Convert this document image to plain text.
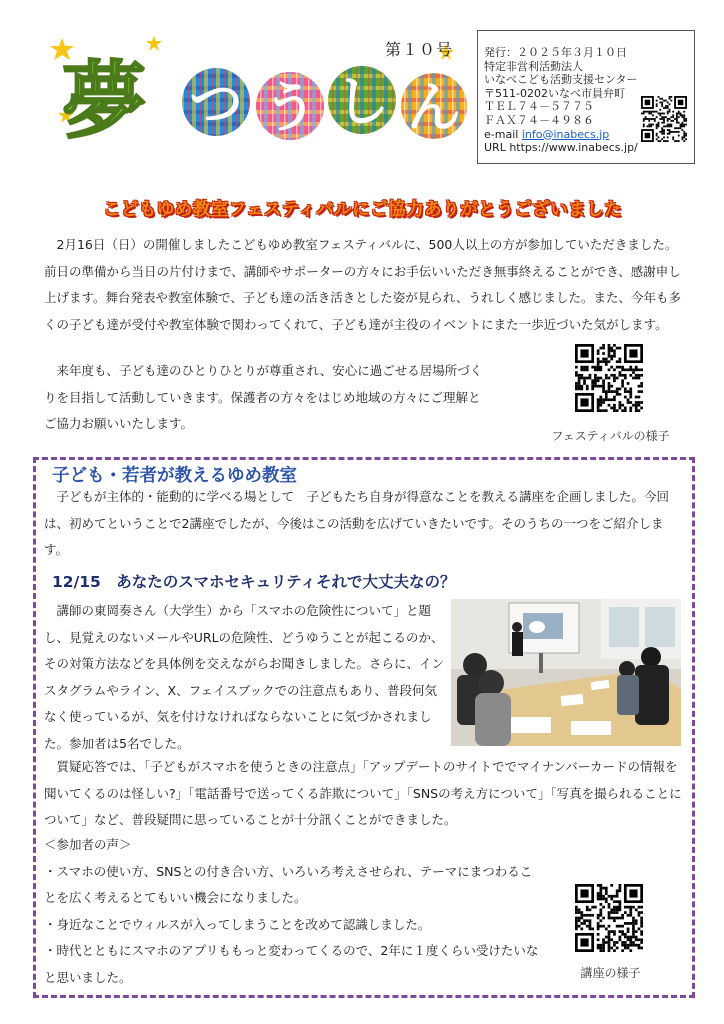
夢 つ う し ん
第１０号	発行：２０２５年３月１０日
特定非営利活動法人
いなべこども活動支援センター
〒511-0202いなべ市員弁町
ＴＥＬ７４－５７７５
ＦＡＸ７４－４９８６
e-mail info@inabecs.jp
URL https://www.inabecs.jp/
こどもゆめ教室フェスティバルにご協力ありがとうございました
　2月16日（日）の開催しましたこどもゆめ教室フェスティバルに、500人以上の方が参加していただきました。前日の準備から当日の片付けまで、講師やサポーターの方々にお手伝いいただき無事終えることができ、感謝申し上げます。舞台発表や教室体験で、子ども達の活き活きとした姿が見られ、うれしく感じました。また、今年も多くの子ども達が受付や教室体験で関わってくれて、子ども達が主役のイベントにまた一歩近づいた気がします。
　来年度も、子ども達のひとりひとりが尊重され、安心に過ごせる居場所づくりを目指して活動していきます。保護者の方々をはじめ地域の方々にご理解とご協力お願いいたします。
フェスティバルの様子
子ども・若者が教えるゆめ教室
　子どもが主体的・能動的に学べる場として　子どもたち自身が得意なことを教える講座を企画しました。今回は、初めてということで2講座でしたが、今後はこの活動を広げていきたいです。そのうちの一つをご紹介します。
12/15　あなたのスマホセキュリティそれで大丈夫なの？
　講師の東岡奏さん（大学生）から「スマホの危険性について」と題し、見覚えのないメールやURLの危険性、どうゆうことが起こるのか、その対策方法などを具体例を交えながらお聞きしました。さらに、インスタグラムやライン、X、フェイスブックでの注意点もあり、普段何気なく使っているが、気を付けなければならないことに気づかされました。参加者は5名でした。
　質疑応答では、「子どもがスマホを使うときの注意点」「アップデートのサイトででマイナンバーカードの情報を聞いてくるのは怪しい?」「電話番号で送ってくる詐欺について」「SNSの考え方について」「写真を撮られることについて」など、普段疑問に思っていることが十分訊くことができました。
＜参加者の声＞
・スマホの使い方、SNSとの付き合い方、いろいろ考えさせられ、テーマにまつわることを広く考えるとてもいい機会になりました。
・身近なことでウィルスが入ってしまうことを改めて認識しました。
・時代とともにスマホのアプリももっと変わってくるので、2年に１度くらい受けたいなと思いました。	講座の様子
